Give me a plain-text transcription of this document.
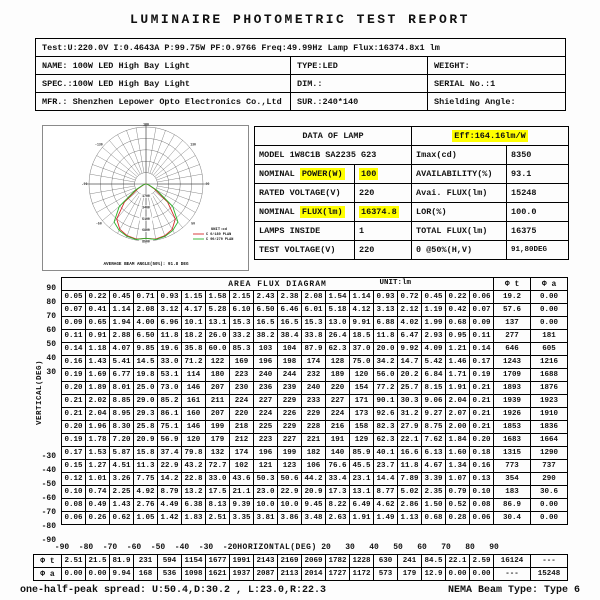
LUMINAIRE PHOTOMETRIC TEST REPORT
Test:U:220.0V I:0.4643A P:99.75W PF:0.9766 Freq:49.99Hz Lamp Flux:16374.8x1 lm		
NAME: 100W LED High Bay Light	TYPE:LED	WEIGHT:
SPEC.:100W LED High Bay Light	DIM.:	SERIAL No.:1
MFR.: Shenzhen Lepower Opto Electronics Co.,Ltd	SUR.:240*140	Shielding Angle:
1700
3400
5100
6800
8500
180
-130
-90
-50	50
90
130
UNIT:cd
C 0/180 PLAN
C 90/270 PLAN
AVERAGE BEAM ANGLE(50%): 91.8 DEG
DATA OF LAMP		Eff:164.16lm/W	
MODEL 1W8C1B SA2235 G23		Imax(cd)	8350
NOMINAL POWER(W)	100	AVAILABILITY(%)	93.1
RATED VOLTAGE(V)	220	Avai. FLUX(lm)	15248
NOMINAL FLUX(lm)	16374.8	LOR(%)	100.0
LAMPS INSIDE	1	TOTAL FLUX(lm)	16375
TEST VOLTAGE(V)	220	θ @50%(H,V)	91,80DEG
VERTICAL(DEG)
90
80
70
60
50
40
30
-30
-40
-50
-60
-70
-80
-90
AREA FLUX DIAGRAM UNIT:lm																		Φ t	Φ a
0.05	0.22	0.45	0.71	0.93	1.15	1.58	2.15	2.43	2.38	2.08	1.54	1.14	0.93	0.72	0.45	0.22	0.06	19.2	0.00
0.07	0.41	1.14	2.08	3.12	4.17	5.28	6.10	6.50	6.46	6.01	5.18	4.12	3.13	2.12	1.19	0.42	0.07	57.6	0.00
0.09	0.65	1.94	4.00	6.96	10.1	13.1	15.3	16.5	16.5	15.3	13.0	9.91	6.88	4.02	1.99	0.68	0.09	137	0.00
0.11	0.91	2.88	6.50	11.8	18.2	26.0	33.2	38.2	38.4	33.8	26.4	18.5	11.8	6.47	2.93	0.95	0.11	277	181
0.14	1.18	4.07	9.85	19.6	35.8	60.0	85.3	103	104	87.9	62.3	37.0	20.0	9.92	4.09	1.21	0.14	646	605
0.16	1.43	5.41	14.5	33.0	71.2	122	169	196	198	174	128	75.0	34.2	14.7	5.42	1.46	0.17	1243	1216
0.19	1.69	6.77	19.8	53.1	114	180	223	240	244	232	189	120	56.0	20.2	6.84	1.71	0.19	1709	1688
0.20	1.89	8.01	25.0	73.0	146	207	230	236	239	240	220	154	77.2	25.7	8.15	1.91	0.21	1893	1876
0.21	2.02	8.85	29.0	85.2	161	211	224	227	229	233	227	171	90.1	30.3	9.06	2.04	0.21	1939	1923
0.21	2.04	8.95	29.3	86.1	160	207	220	224	226	229	224	173	92.6	31.2	9.27	2.07	0.21	1926	1910
0.20	1.96	8.30	25.8	75.1	146	199	218	225	229	228	216	158	82.3	27.9	8.75	2.00	0.21	1853	1836
0.19	1.78	7.20	20.9	56.9	120	179	212	223	227	221	191	129	62.3	22.1	7.62	1.84	0.20	1683	1664
0.17	1.53	5.87	15.8	37.4	79.8	132	174	196	199	182	140	85.9	40.1	16.6	6.13	1.60	0.18	1315	1290
0.15	1.27	4.51	11.3	22.9	43.2	72.7	102	121	123	106	76.6	45.5	23.7	11.8	4.67	1.34	0.16	773	737
0.12	1.01	3.26	7.75	14.2	22.8	33.0	43.6	50.3	50.6	44.2	33.4	23.1	14.4	7.89	3.39	1.07	0.13	354	290
0.10	0.74	2.25	4.92	8.79	13.2	17.5	21.1	23.0	22.9	20.9	17.3	13.1	8.77	5.02	2.35	0.79	0.10	183	30.6
0.08	0.49	1.43	2.76	4.49	6.38	8.13	9.39	10.0	10.0	9.45	8.22	6.49	4.62	2.86	1.50	0.52	0.08	86.9	0.00
0.06	0.26	0.62	1.05	1.42	1.83	2.51	3.35	3.81	3.86	3.48	2.63	1.91	1.49	1.13	0.68	0.28	0.06	30.4	0.00
HORIZONTAL(DEG)
-90 -80 -70 -60 -50 -40 -30 -20	20 30 40 50 60 70 80 90
Φ t	2.51	21.5	81.9	231	594	1154	1677	1991	2143	2169	2069	1782	1228	630	241	84.5	22.1	2.59	16124	---
Φ a	0.00	0.00	9.94	168	536	1098	1621	1937	2087	2113	2014	1727	1172	573	179	12.9	0.00	0.00	---	15248
one-half-peak spread: U:50.4,D:30.2 , L:23.0,R:22.3	NEMA Beam Type: Type 6
